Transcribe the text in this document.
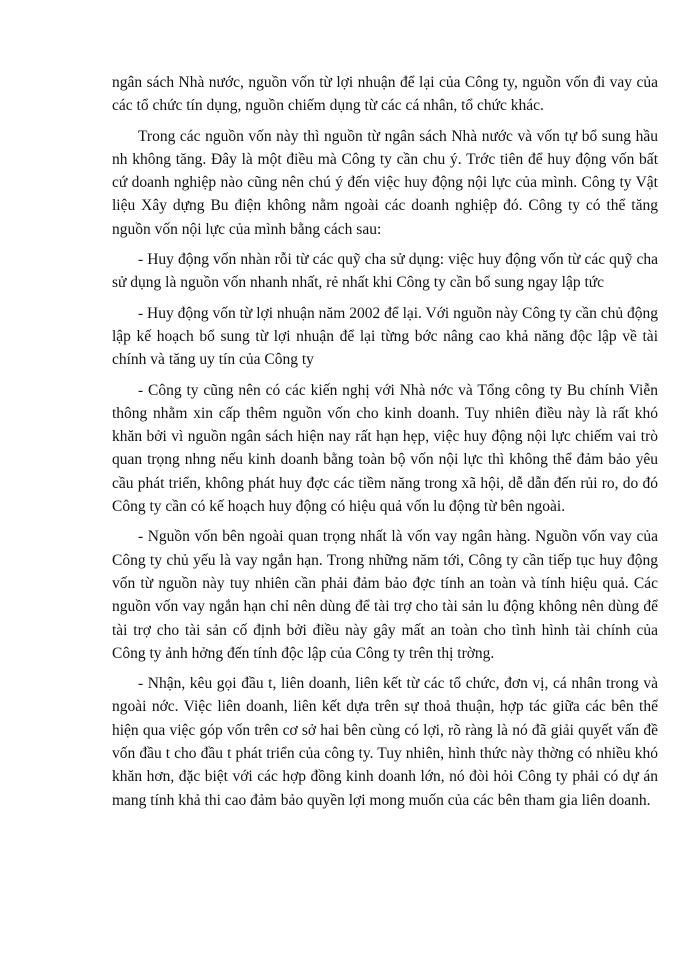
ngân sách Nhà nước, nguồn vốn từ lợi nhuận để lại của Công ty, nguồn vốn đi vay của các tổ chức tín dụng, nguồn chiếm dụng từ các cá nhân, tổ chức khác.

Trong các nguồn vốn này thì nguồn từ ngân sách Nhà nước và vốn tự bổ sung hầu nh không tăng. Đây là một điều mà Công ty cần chu ý. Trớc tiên để huy động vốn bất cứ doanh nghiệp nào cũng nên chú ý đến việc huy động nội lực của mình. Công ty Vật liệu Xây dựng Bu điện không nằm ngoài các doanh nghiệp đó. Công ty có thể tăng nguồn vốn nội lực của mình bằng cách sau:

- Huy động vốn nhàn rỗi từ các quỹ cha sử dụng: việc huy động vốn từ các quỹ cha sử dụng là nguồn vốn nhanh nhất, rẻ nhất khi Công ty cần bổ sung ngay lập tức

- Huy động vốn từ lợi nhuận năm 2002 để lại. Với nguồn này Công ty cần chủ động lập kế hoạch bổ sung từ lợi nhuận để lại từng bớc nâng cao khả năng độc lập về tài chính và tăng uy tín của Công ty

- Công ty cũng nên có các kiến nghị với Nhà nớc và Tổng công ty Bu chính Viễn thông nhằm xin cấp thêm nguồn vốn cho kinh doanh. Tuy nhiên điều này là rất khó khăn bởi vì nguồn ngân sách hiện nay rất hạn hẹp, việc huy động nội lực chiếm vai trò quan trọng nhng nếu kinh doanh bằng toàn bộ vốn nội lực thì không thể đảm bảo yêu cầu phát triển, không phát huy đợc các tiềm năng trong xã hội, dễ dẫn đến rủi ro, do đó Công ty cần có kế hoạch huy động có hiệu quả vốn lu động từ bên ngoài.

- Nguồn vốn bên ngoài quan trọng nhất là vốn vay ngân hàng. Nguồn vốn vay của Công ty chủ yếu là vay ngắn hạn. Trong những năm tới, Công ty cần tiếp tục huy động vốn từ nguồn này tuy nhiên cần phải đảm bảo đợc tính an toàn và tính hiệu quả. Các nguồn vốn vay ngắn hạn chỉ nên dùng để tài trợ cho tài sản lu động không nên dùng để tài trợ cho tài sản cố định bởi điều này gây mất an toàn cho tình hình tài chính của Công ty ảnh hởng đến tính độc lập của Công ty trên thị trờng.

- Nhận, kêu gọi đầu t, liên doanh, liên kết từ các tổ chức, đơn vị, cá nhân trong và ngoài nớc. Việc liên doanh, liên kết dựa trên sự thoả thuận, hợp tác giữa các bên thể hiện qua việc góp vốn trên cơ sở hai bên cùng có lợi, rõ ràng là nó đã giải quyết vấn đề vốn đầu t cho đầu t phát triển của công ty. Tuy nhiên, hình thức này thờng có nhiều khó khăn hơn, đặc biệt với các hợp đồng kinh doanh lớn, nó đòi hỏi Công ty phải có dự án mang tính khả thi cao đảm bảo quyền lợi mong muốn của các bên tham gia liên doanh.
